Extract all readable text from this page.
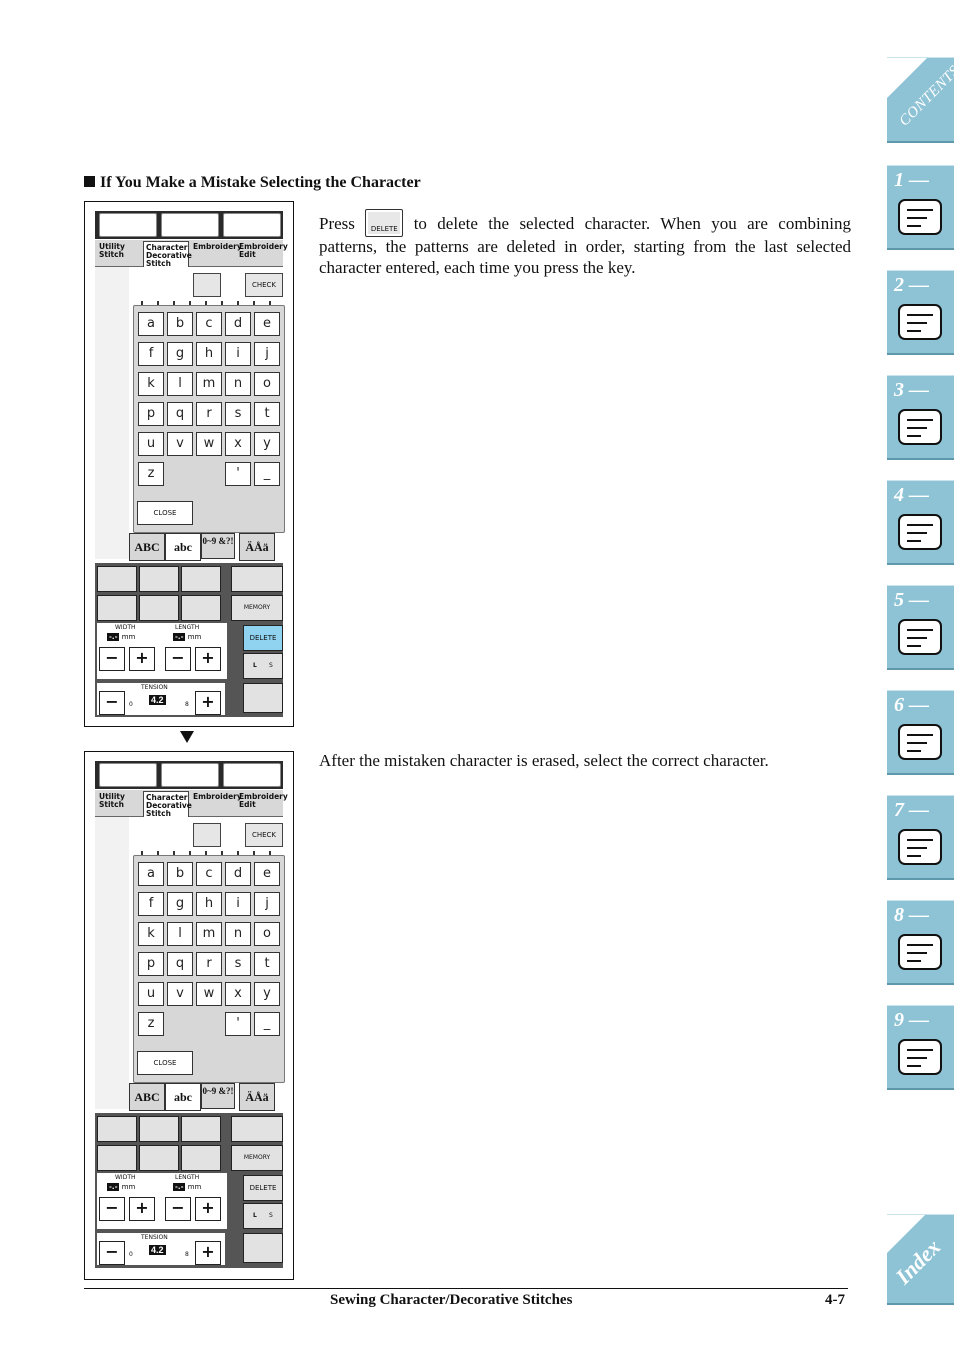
If You Make a Mistake Selecting the Character
Press DELETE to delete the selected character. When you are combining patterns, the patterns are deleted in order, starting from the last selected character entered, each time you press the key.
After the mistaken character is erased, select the correct character.
Utility Stitch
Character Decorative Stitch
Embroidery
Embroidery Edit
CHECK
a	b	c	d	e
f	g	h	i	j
k	l	m	n	o
p	q	r	s	t
u	v	w	x	y
z	'	_
CLOSE
ABC	abc	0~9 &?! ÄÅä
MEMORY
WIDTH	LENGTH
-.- mm	-.- mm
−	+	−	+
DELETE
L S
TENSION
−	0 4.2	8 +
Utility Stitch
Character Decorative Stitch
Embroidery
Embroidery Edit
CHECK
a	b	c	d	e
f	g	h	i	j
k	l	m	n	o
p	q	r	s	t
u	v	w	x	y
z	'	_
CLOSE
ABC	abc	0~9 &?! ÄÅä
MEMORY
WIDTH	LENGTH
-.- mm	-.- mm
−	+	−	+
DELETE
L S
TENSION
−	0 4.2	8 +
Sewing Character/Decorative Stitches	4-7
CONTENTS
1 —
2 —
3 —
4 —
5 —
6 —
7 —
8 —
9 —
Index
